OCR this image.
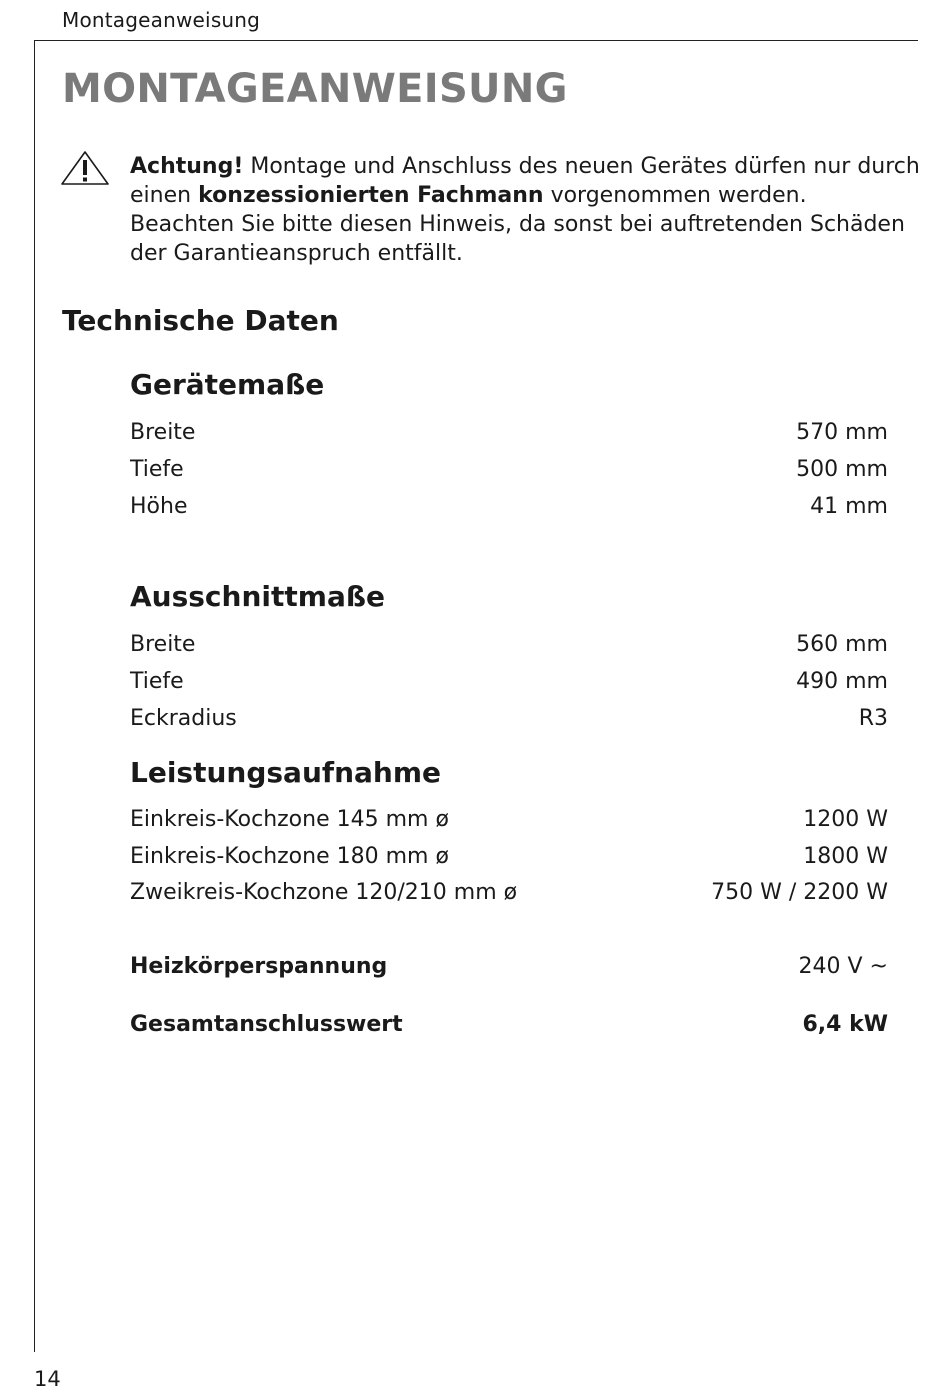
Montageanweisung
MONTAGEANWEISUNG
Achtung! Montage und Anschluss des neuen Gerätes dürfen nur durch einen konzessionierten Fachmann vorgenommen werden.
Beachten Sie bitte diesen Hinweis, da sonst bei auftretenden Schäden der Garantieanspruch entfällt.
Technische Daten
Gerätemaße
Breite	570 mm
Tiefe	500 mm
Höhe	41 mm
Ausschnittmaße
Breite	560 mm
Tiefe	490 mm
Eckradius	R3
Leistungsaufnahme
Einkreis-Kochzone 145 mm ø	1200 W
Einkreis-Kochzone 180 mm ø	1800 W
Zweikreis-Kochzone 120/210 mm ø	750 W / 2200 W
Heizkörperspannung	240 V ~
Gesamtanschlusswert	6,4 kW
14
